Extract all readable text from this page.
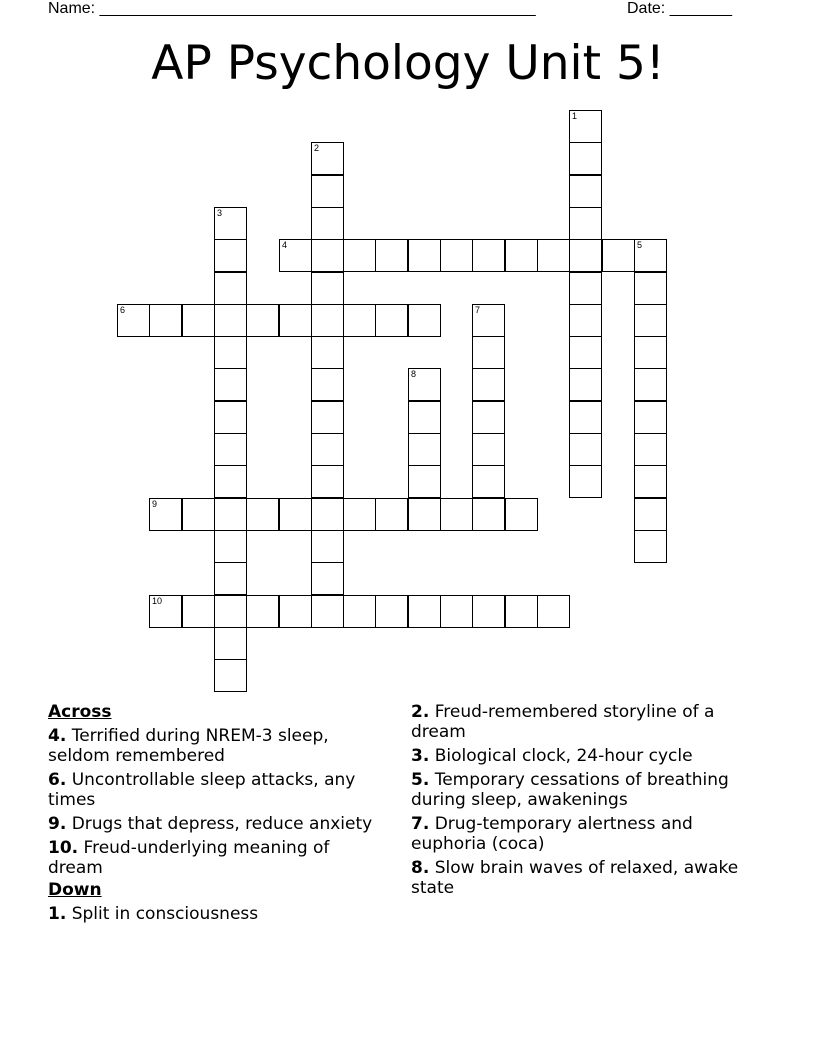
Name: _________________________________________________	Date: _______
AP Psychology Unit 5!
1
2
3
4	5
6	7
8
9
10
Across
4. Terrified during NREM-3 sleep, seldom remembered
6. Uncontrollable sleep attacks, any times
9. Drugs that depress, reduce anxiety
10. Freud-underlying meaning of dream
Down
1. Split in consciousness
2. Freud-remembered storyline of a dream
3. Biological clock, 24-hour cycle
5. Temporary cessations of breathing during sleep, awakenings
7. Drug-temporary alertness and euphoria (coca)
8. Slow brain waves of relaxed, awake state
